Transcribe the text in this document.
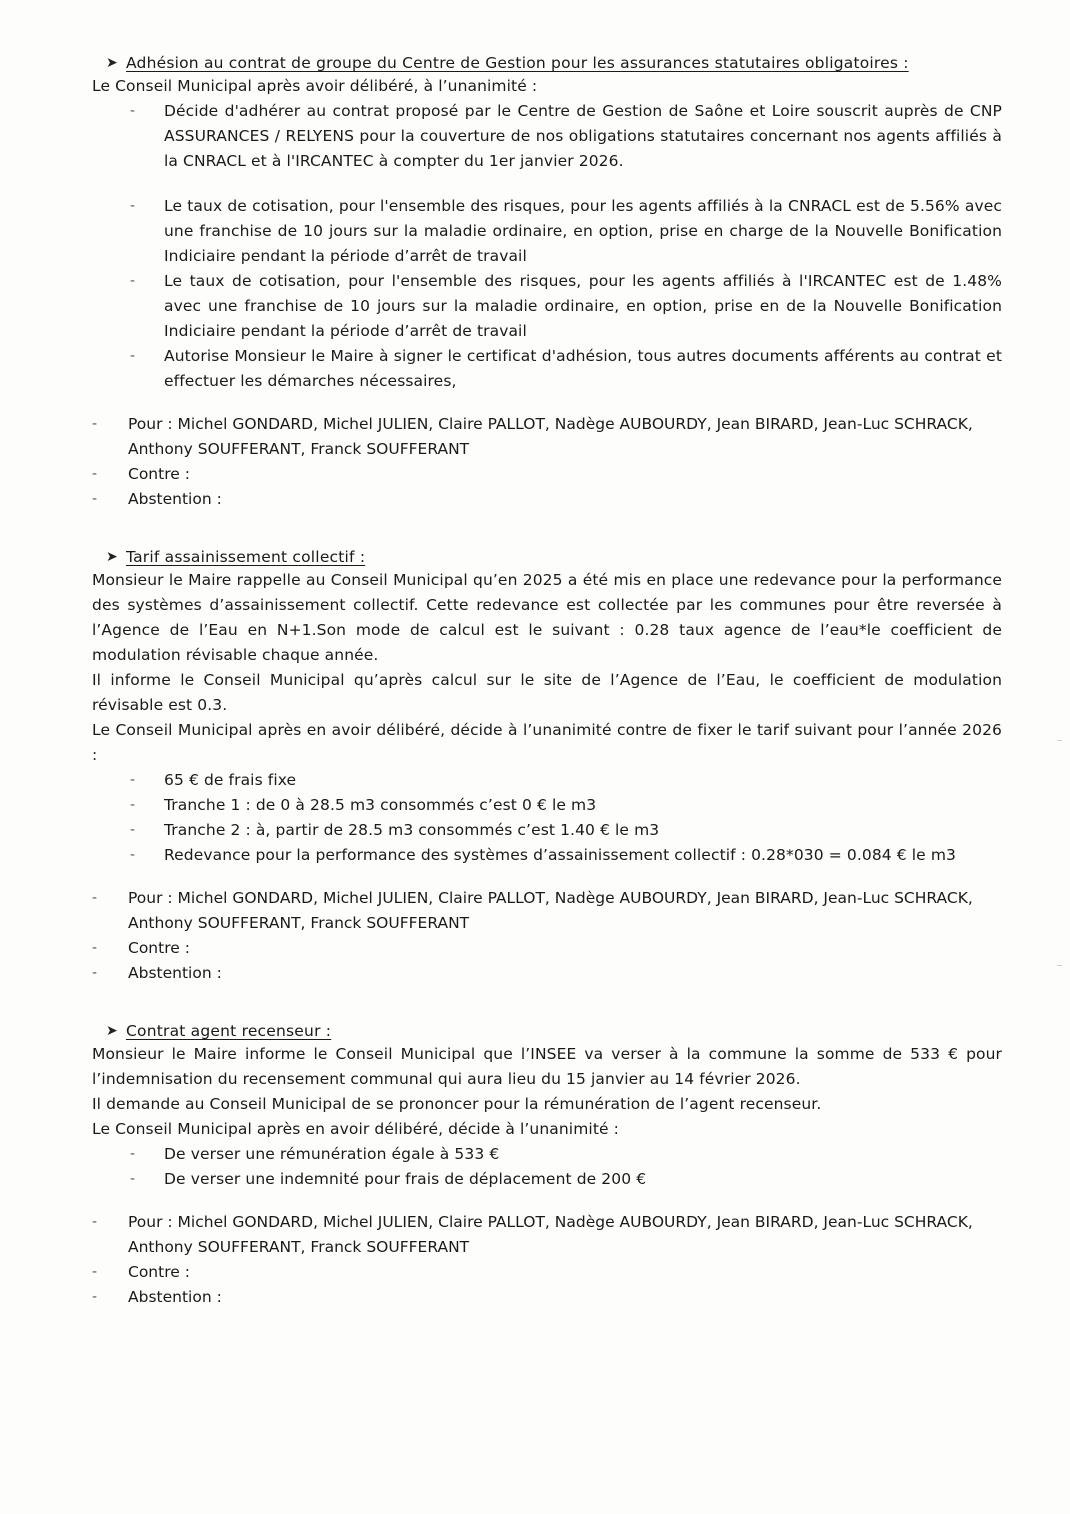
➤ Adhésion au contrat de groupe du Centre de Gestion pour les assurances statutaires obligatoires :
Le Conseil Municipal après avoir délibéré, à l’unanimité :
-	Décide d'adhérer au contrat proposé par le Centre de Gestion de Saône et Loire souscrit auprès de CNP ASSURANCES / RELYENS pour la couverture de nos obligations statutaires concernant nos agents affiliés à la CNRACL et à l'IRCANTEC à compter du 1er janvier 2026.
-	Le taux de cotisation, pour l'ensemble des risques, pour les agents affiliés à la CNRACL est de 5.56% avec une franchise de 10 jours sur la maladie ordinaire, en option, prise en charge de la Nouvelle Bonification Indiciaire pendant la période d’arrêt de travail
-	Le taux de cotisation, pour l'ensemble des risques, pour les agents affiliés à l'IRCANTEC est de 1.48% avec une franchise de 10 jours sur la maladie ordinaire, en option, prise en de la Nouvelle Bonification Indiciaire pendant la période d’arrêt de travail
-	Autorise Monsieur le Maire à signer le certificat d'adhésion, tous autres documents afférents au contrat et effectuer les démarches nécessaires,
-	Pour : Michel GONDARD, Michel JULIEN, Claire PALLOT, Nadège AUBOURDY, Jean BIRARD, Jean-Luc SCHRACK, Anthony SOUFFERANT, Franck SOUFFERANT
-	Contre :
-	Abstention :
➤ Tarif assainissement collectif :
Monsieur le Maire rappelle au Conseil Municipal qu’en 2025 a été mis en place une redevance pour la performance des systèmes d’assainissement collectif. Cette redevance est collectée par les communes pour être reversée à l’Agence de l’Eau en N+1.Son mode de calcul est le suivant : 0.28 taux agence de l’eau*le coefficient de modulation révisable chaque année.
Il informe le Conseil Municipal qu’après calcul sur le site de l’Agence de l’Eau, le coefficient de modulation révisable est 0.3.
Le Conseil Municipal après en avoir délibéré, décide à l’unanimité contre de fixer le tarif suivant pour l’année 2026 :
-	65 € de frais fixe
-	Tranche 1 : de 0 à 28.5 m3 consommés c’est 0 € le m3
-	Tranche 2 : à, partir de 28.5 m3 consommés c’est 1.40 € le m3
-	Redevance pour la performance des systèmes d’assainissement collectif : 0.28*030 = 0.084 € le m3
-	Pour : Michel GONDARD, Michel JULIEN, Claire PALLOT, Nadège AUBOURDY, Jean BIRARD, Jean-Luc SCHRACK, Anthony SOUFFERANT, Franck SOUFFERANT
-	Contre :
-	Abstention :
➤ Contrat agent recenseur :
Monsieur le Maire informe le Conseil Municipal que l’INSEE va verser à la commune la somme de 533 € pour l’indemnisation du recensement communal qui aura lieu du 15 janvier au 14 février 2026.
Il demande au Conseil Municipal de se prononcer pour la rémunération de l’agent recenseur.
Le Conseil Municipal après en avoir délibéré, décide à l’unanimité :
-	De verser une rémunération égale à 533 €
-	De verser une indemnité pour frais de déplacement de 200 €
-	Pour : Michel GONDARD, Michel JULIEN, Claire PALLOT, Nadège AUBOURDY, Jean BIRARD, Jean-Luc SCHRACK, Anthony SOUFFERANT, Franck SOUFFERANT
-	Contre :
-	Abstention :
